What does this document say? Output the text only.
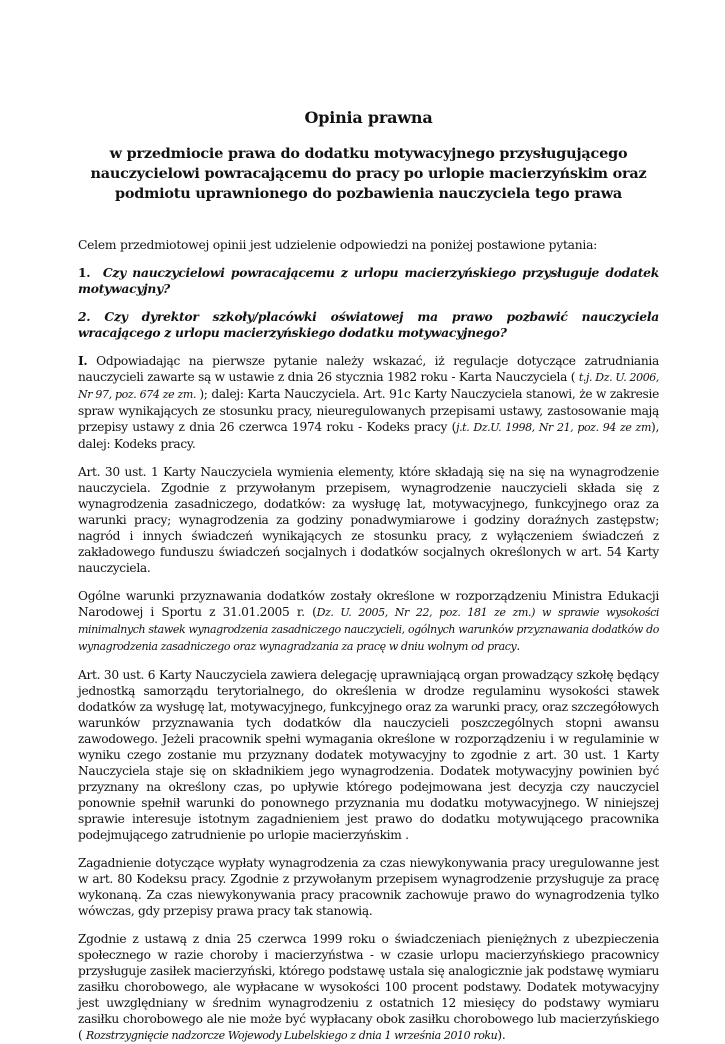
Opinia prawna
w przedmiocie prawa do dodatku motywacyjnego przysługującego nauczycielowi powracającemu do pracy po urlopie macierzyńskim oraz podmiotu uprawnionego do pozbawienia nauczyciela tego prawa

Celem przedmiotowej opinii jest udzielenie odpowiedzi na poniżej postawione pytania:

1. Czy nauczycielowi powracającemu z urlopu macierzyńskiego przysługuje dodatek motywacyjny?

2. Czy dyrektor szkoły/placówki oświatowej ma prawo pozbawić nauczyciela wracającego z urlopu macierzyńskiego dodatku motywacyjnego?

I. Odpowiadając na pierwsze pytanie należy wskazać, iż regulacje dotyczące zatrudniania nauczycieli zawarte są w ustawie z dnia 26 stycznia 1982 roku - Karta Nauczyciela ( t.j. Dz. U. 2006, Nr 97, poz. 674 ze zm. ); dalej: Karta Nauczyciela. Art. 91c Karty Nauczyciela stanowi, że w zakresie spraw wynikających ze stosunku pracy, nieuregulowanych przepisami ustawy, zastosowanie mają przepisy ustawy z dnia 26 czerwca 1974 roku - Kodeks pracy (j.t. Dz.U. 1998, Nr 21, poz. 94 ze zm), dalej: Kodeks pracy.

Art. 30 ust. 1 Karty Nauczyciela wymienia elementy, które składają się na się na wynagrodzenie nauczyciela. Zgodnie z przywołanym przepisem, wynagrodzenie nauczycieli składa się z wynagrodzenia zasadniczego, dodatków: za wysługę lat, motywacyjnego, funkcyjnego oraz za warunki pracy; wynagrodzenia za godziny ponadwymiarowe i godziny doraźnych zastępstw; nagród i innych świadczeń wynikających ze stosunku pracy, z wyłączeniem świadczeń z zakładowego funduszu świadczeń socjalnych i dodatków socjalnych określonych w art. 54 Karty nauczyciela.

Ogólne warunki przyznawania dodatków zostały określone w rozporządzeniu Ministra Edukacji Narodowej i Sportu z 31.01.2005 r. (Dz. U. 2005, Nr 22, poz. 181 ze zm.) w sprawie wysokości minimalnych stawek wynagrodzenia zasadniczego nauczycieli, ogólnych warunków przyznawania dodatków do wynagrodzenia zasadniczego oraz wynagradzania za pracę w dniu wolnym od pracy.

Art. 30 ust. 6 Karty Nauczyciela zawiera delegację uprawniającą organ prowadzący szkołę będący jednostką samorządu terytorialnego, do określenia w drodze regulaminu wysokości stawek dodatków za wysługę lat, motywacyjnego, funkcyjnego oraz za warunki pracy, oraz szczegółowych warunków przyznawania tych dodatków dla nauczycieli poszczególnych stopni awansu zawodowego. Jeżeli pracownik spełni wymagania określone w rozporządzeniu i w regulaminie w wyniku czego zostanie mu przyznany dodatek motywacyjny to zgodnie z art. 30 ust. 1 Karty Nauczyciela staje się on składnikiem jego wynagrodzenia. Dodatek motywacyjny powinien być przyznany na określony czas, po upływie którego podejmowana jest decyzja czy nauczyciel ponownie spełnił warunki do ponownego przyznania mu dodatku motywacyjnego. W niniejszej sprawie interesuje istotnym zagadnieniem jest prawo do dodatku motywującego pracownika podejmującego zatrudnienie po urlopie macierzyńskim .

Zagadnienie dotyczące wypłaty wynagrodzenia za czas niewykonywania pracy uregulowanne jest w art. 80 Kodeksu pracy. Zgodnie z przywołanym przepisem wynagrodzenie przysługuje za pracę wykonaną. Za czas niewykonywania pracy pracownik zachowuje prawo do wynagrodzenia tylko wówczas, gdy przepisy prawa pracy tak stanowią.

Zgodnie z ustawą z dnia 25 czerwca 1999 roku o świadczeniach pieniężnych z ubezpieczenia społecznego w razie choroby i macierzyństwa - w czasie urlopu macierzyńskiego pracownicy przysługuje zasiłek macierzyński, którego podstawę ustala się analogicznie jak podstawę wymiaru zasiłku chorobowego, ale wypłacane w wysokości 100 procent podstawy. Dodatek motywacyjny jest uwzględniany w średnim wynagrodzeniu z ostatnich 12 miesięcy do podstawy wymiaru zasiłku chorobowego ale nie może być wypłacany obok zasiłku chorobowego lub macierzyńskiego ( Rozstrzygnięcie nadzorcze Wojewody Lubelskiego z dnia 1 września 2010 roku).
